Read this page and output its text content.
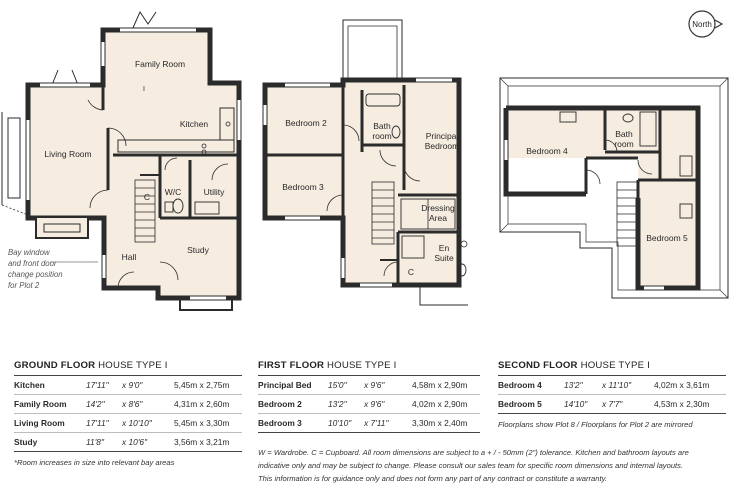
Family Room
I
Kitchen
Living Room
W/C	Utility
C
Hall
Study
Bedroom 2
Bedroom 3
Bath
room	Principal
Bedroom
Dressing
Area
En
Suite
C
Bedroom 4
Bath
room
Bedroom 5
Bay window
and front door
change position
for Plot 2
North
GROUND FLOOR HOUSE TYPE I
Kitchen	17'11"	x 9'0"	5,45m x 2,75m
Family Room	14'2"	x 8'6"	4,31m x 2,60m
Living Room	17'11"	x 10'10"	5,45m x 3,30m
Study	11'8"	x 10'6"	3,56m x 3,21m
*Room increases in size into relevant bay areas
FIRST FLOOR HOUSE TYPE I
Principal Bed	15'0"	x 9'6"	4,58m x 2,90m
Bedroom 2	13'2"	x 9'6"	4,02m x 2,90m
Bedroom 3	10'10"	x 7'11"	3,30m x 2,40m
SECOND FLOOR HOUSE TYPE I
Bedroom 4	13'2"	x 11'10"	4,02m x 3,61m
Bedroom 5	14'10"	x 7'7"	4,53m x 2,30m
Floorplans show Plot 8 / Floorplans for Plot 2 are mirrored
W = Wardrobe. C = Cupboard. All room dimensions are subject to a + / - 50mm (2") tolerance. Kitchen and bathroom layouts are indicative only and may be subject to change. Please consult our sales team for specific room dimensions and internal layouts. This information is for guidance only and does not form any part of any contract or constitute a warranty.
